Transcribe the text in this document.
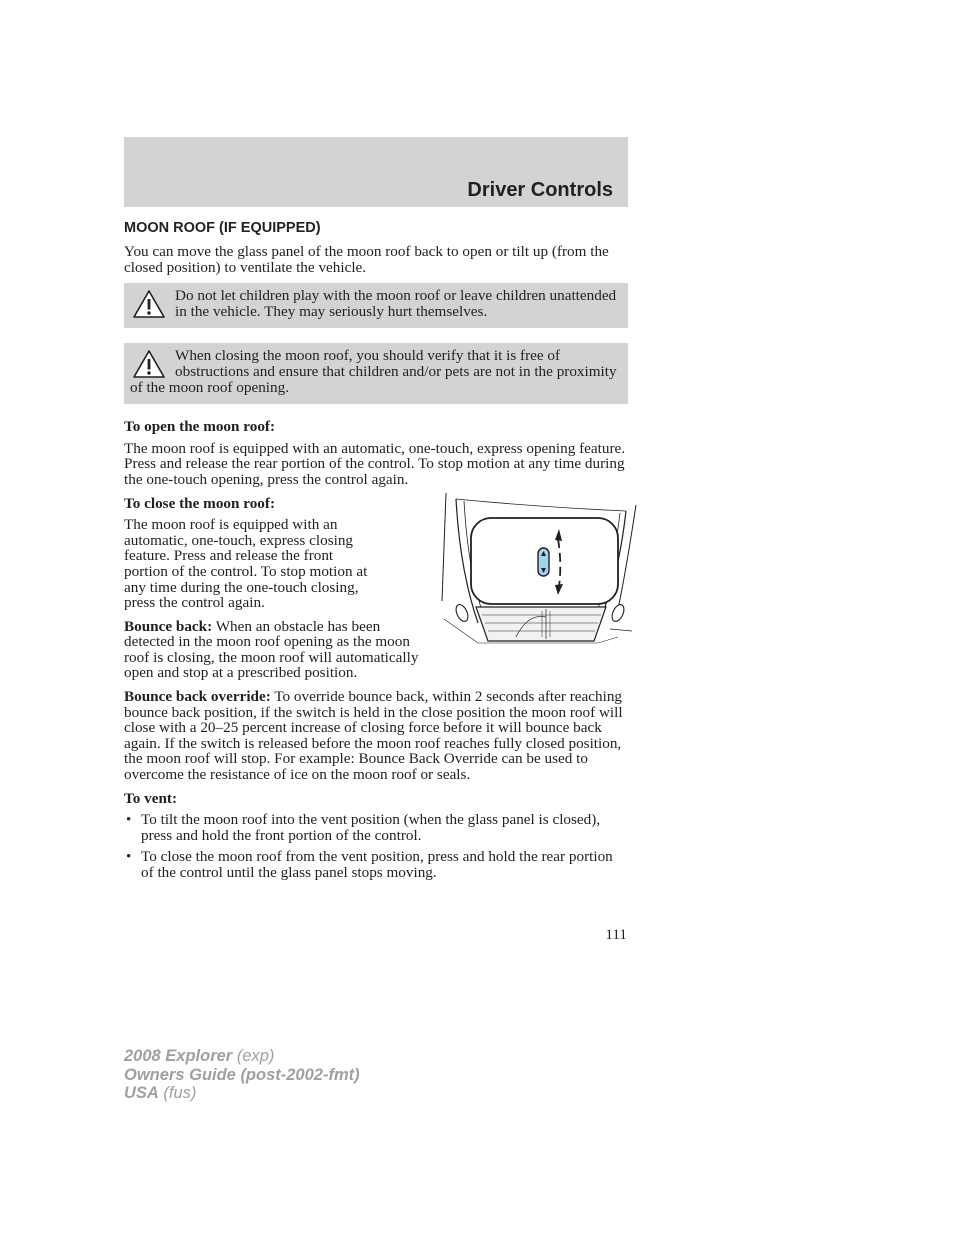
Driver Controls
MOON ROOF (IF EQUIPPED)

You can move the glass panel of the moon roof back to open or tilt up (from the closed position) to ventilate the vehicle.

Do not let children play with the moon roof or leave children unattended in the vehicle. They may seriously hurt themselves.

When closing the moon roof, you should verify that it is free of obstructions and ensure that children and/or pets are not in the proximity of the moon roof opening.

To open the moon roof:

The moon roof is equipped with an automatic, one-touch, express opening feature. Press and release the rear portion of the control. To stop motion at any time during the one-touch opening, press the control again.

To close the moon roof:

The moon roof is equipped with an automatic, one-touch, express closing feature. Press and release the front portion of the control. To stop motion at any time during the one-touch closing, press the control again.

Bounce back: When an obstacle has been detected in the moon roof opening as the moon roof is closing, the moon roof will automatically open and stop at a prescribed position.

Bounce back override: To override bounce back, within 2 seconds after reaching bounce back position, if the switch is held in the close position the moon roof will close with a 20–25 percent increase of closing force before it will bounce back again. If the switch is released before the moon roof reaches fully closed position, the moon roof will stop. For example: Bounce Back Override can be used to overcome the resistance of ice on the moon roof or seals.

To vent:

• To tilt the moon roof into the vent position (when the glass panel is closed), press and hold the front portion of the control.
• To close the moon roof from the vent position, press and hold the rear portion of the control until the glass panel stops moving.
111
2008 Explorer (exp)
Owners Guide (post-2002-fmt)
USA (fus)
